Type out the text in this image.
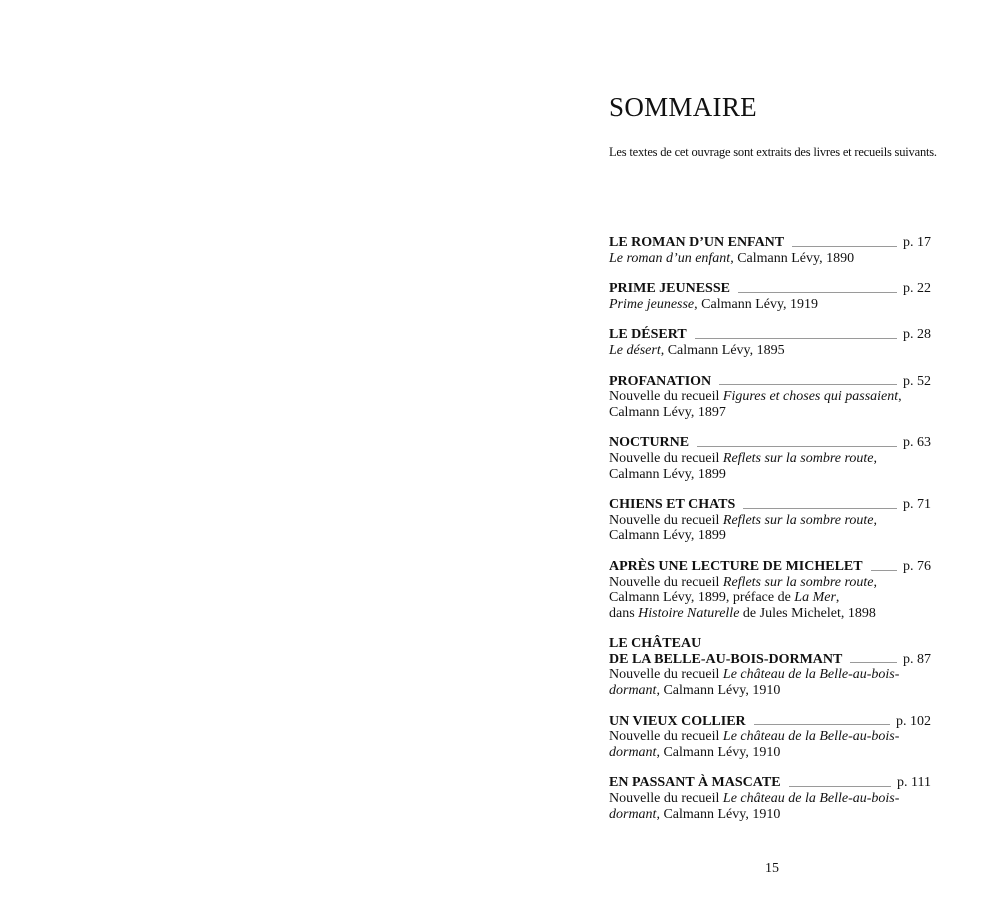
SOMMAIRE
Les textes de cet ouvrage sont extraits des livres et recueils suivants.
LE ROMAN D’UN ENFANT	p. 17
Le roman d’un enfant, Calmann Lévy, 1890
PRIME JEUNESSE	p. 22
Prime jeunesse, Calmann Lévy, 1919
LE DÉSERT	p. 28
Le désert, Calmann Lévy, 1895
PROFANATION	p. 52
Nouvelle du recueil Figures et choses qui passaient,
Calmann Lévy, 1897
NOCTURNE	p. 63
Nouvelle du recueil Reflets sur la sombre route,
Calmann Lévy, 1899
CHIENS ET CHATS	p. 71
Nouvelle du recueil Reflets sur la sombre route,
Calmann Lévy, 1899
APRÈS UNE LECTURE DE MICHELET	p. 76
Nouvelle du recueil Reflets sur la sombre route,
Calmann Lévy, 1899, préface de La Mer,
dans Histoire Naturelle de Jules Michelet, 1898
LE CHÂTEAU
DE LA BELLE-AU-BOIS-DORMANT	p. 87
Nouvelle du recueil Le château de la Belle-au-bois-
dormant, Calmann Lévy, 1910
UN VIEUX COLLIER	p. 102
Nouvelle du recueil Le château de la Belle-au-bois-
dormant, Calmann Lévy, 1910
EN PASSANT À MASCATE	p. 111
Nouvelle du recueil Le château de la Belle-au-bois-
dormant, Calmann Lévy, 1910
15
